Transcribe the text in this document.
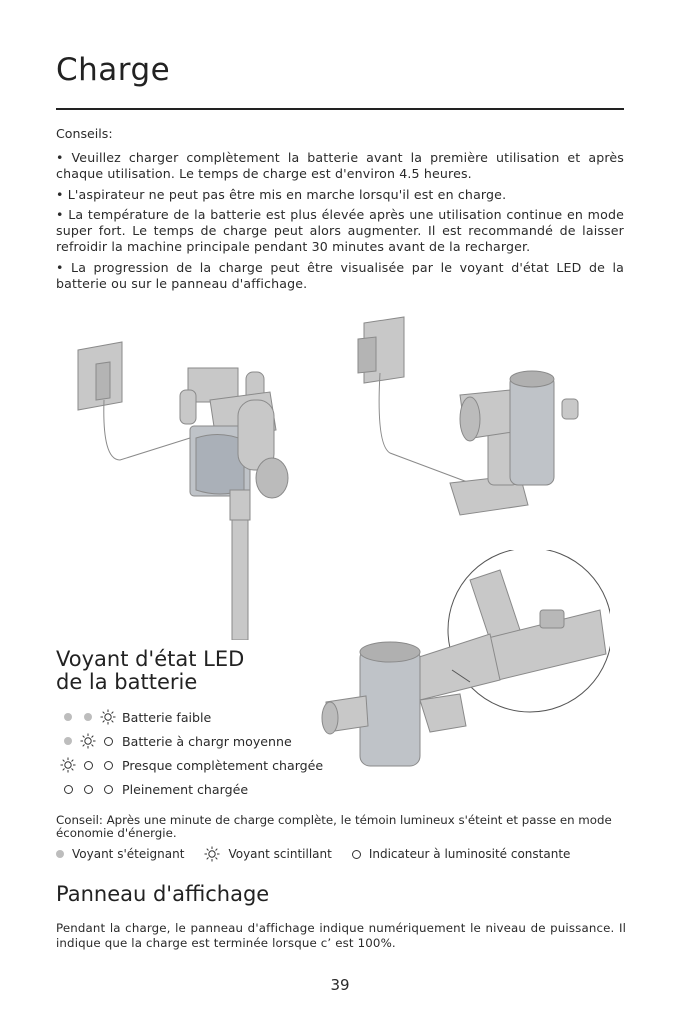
Charge
Conseils:

• Veuillez charger complètement la batterie avant la première utilisation et après chaque utilisation. Le temps de charge est d'environ 4.5 heures.

• L'aspirateur ne peut pas être mis en marche lorsqu'il est en charge.

• La température de la batterie est plus élevée après une utilisation continue en mode super fort. Le temps de charge peut alors augmenter. Il est recommandé de laisser refroidir la machine principale pendant 30 minutes avant de la recharger.

• La progression de la charge peut être visualisée par le voyant d'état LED de la batterie ou sur le panneau d'affichage.

Voyant d'état LED
de la batterie
Batterie faible
Batterie à chargr moyenne
Presque complètement chargée
Pleinement chargée
Conseil: Après une minute de charge complète, le témoin lumineux s'éteint et passe en mode économie d'énergie.
Voyant s'éteignant	Voyant scintillant	Indicateur à luminosité constante
Panneau d'affichage

Pendant la charge, le panneau d'affichage indique numériquement le niveau de puissance. Il indique que la charge est terminée lorsque c’ est 100%.

39
